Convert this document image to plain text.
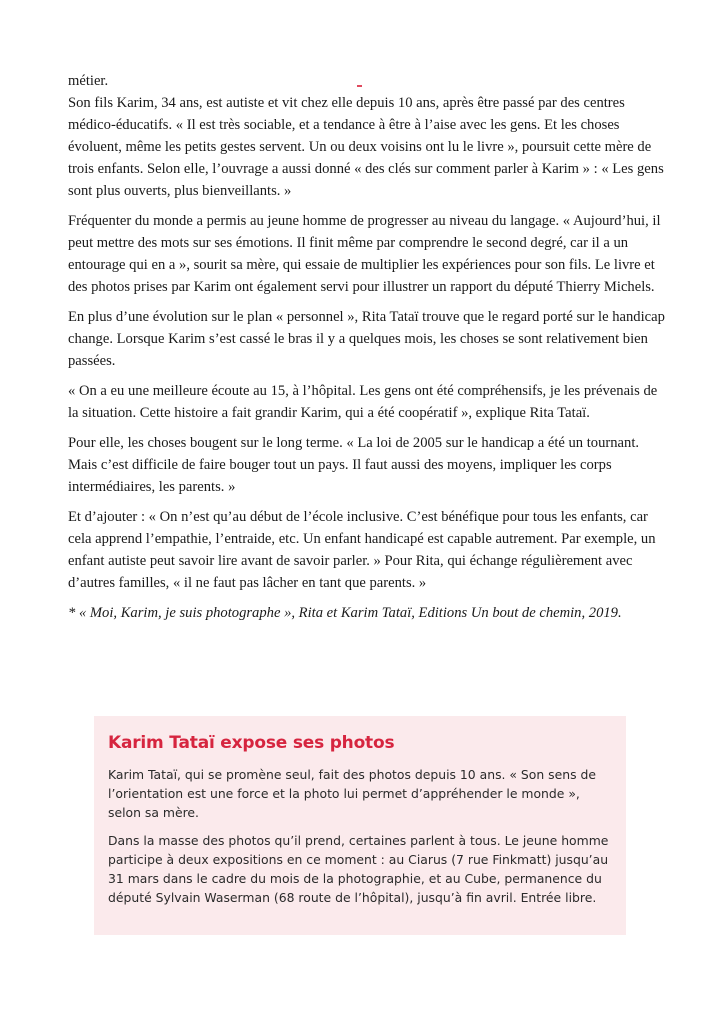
métier.

Son fils Karim, 34 ans, est autiste et vit chez elle depuis 10 ans, après être passé par des centres médico-éducatifs. « Il est très sociable, et a tendance à être à l’aise avec les gens. Et les choses évoluent, même les petits gestes servent. Un ou deux voisins ont lu le livre », poursuit cette mère de trois enfants. Selon elle, l’ouvrage a aussi donné « des clés sur comment parler à Karim » : « Les gens sont plus ouverts, plus bienveillants. »

Fréquenter du monde a permis au jeune homme de progresser au niveau du langage. « Aujourd’hui, il peut mettre des mots sur ses émotions. Il finit même par comprendre le second degré, car il a un entourage qui en a », sourit sa mère, qui essaie de multiplier les expériences pour son fils. Le livre et des photos prises par Karim ont également servi pour illustrer un rapport du député Thierry Michels.

En plus d’une évolution sur le plan « personnel », Rita Tataï trouve que le regard porté sur le handicap change. Lorsque Karim s’est cassé le bras il y a quelques mois, les choses se sont relativement bien passées.

« On a eu une meilleure écoute au 15, à l’hôpital. Les gens ont été compréhensifs, je les prévenais de la situation. Cette histoire a fait grandir Karim, qui a été coopératif », explique Rita Tataï.

Pour elle, les choses bougent sur le long terme. « La loi de 2005 sur le handicap a été un tournant. Mais c’est difficile de faire bouger tout un pays. Il faut aussi des moyens, impliquer les corps intermédiaires, les parents. »

Et d’ajouter : « On n’est qu’au début de l’école inclusive. C’est bénéfique pour tous les enfants, car cela apprend l’empathie, l’entraide, etc. Un enfant handicapé est capable autrement. Par exemple, un enfant autiste peut savoir lire avant de savoir parler. » Pour Rita, qui échange régulièrement avec d’autres familles, « il ne faut pas lâcher en tant que parents. »

* « Moi, Karim, je suis photographe », Rita et Karim Tataï, Editions Un bout de chemin, 2019.

Karim Tataï expose ses photos

Karim Tataï, qui se promène seul, fait des photos depuis 10 ans. « Son sens de l’orientation est une force et la photo lui permet d’appréhender le monde », selon sa mère.

Dans la masse des photos qu’il prend, certaines parlent à tous. Le jeune homme participe à deux expositions en ce moment : au Ciarus (7 rue Finkmatt) jusqu’au 31 mars dans le cadre du mois de la photographie, et au Cube, permanence du député Sylvain Waserman (68 route de l’hôpital), jusqu’à fin avril. Entrée libre.
